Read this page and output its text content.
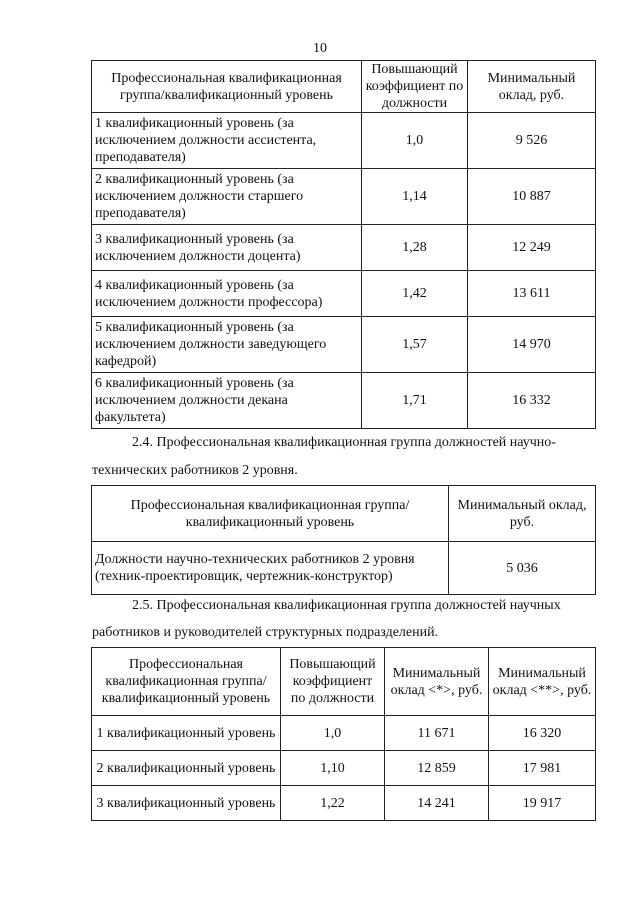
10
Профессиональная квалификационная группа/квалификационный уровень	Повышающий коэффициент по должности	Минимальный оклад, руб.
1 квалификационный уровень (за исключением должности ассистента, преподавателя)	1,0	9 526
2 квалификационный уровень (за исключением должности старшего преподавателя)	1,14	10 887
3 квалификационный уровень (за исключением должности доцента)	1,28	12 249
4 квалификационный уровень (за исключением должности профессора)	1,42	13 611
5 квалификационный уровень (за исключением должности заведующего кафедрой)	1,57	14 970
6 квалификационный уровень (за исключением должности декана факультета)	1,71	16 332
2.4. Профессиональная квалификационная группа должностей научно-
технических работников 2 уровня.
Профессиональная квалификационная группа/квалификационный уровень	Минимальный оклад, руб.
Должности научно-технических работников 2 уровня (техник-проектировщик, чертежник-конструктор)	5 036
2.5. Профессиональная квалификационная группа должностей научных
работников и руководителей структурных подразделений.
Профессиональная квалификационная группа/квалификационный уровень	Повышающий коэффициент по должности	Минимальный оклад <*>, руб.	Минимальный оклад <**>, руб.
1 квалификационный уровень	1,0	11 671	16 320
2 квалификационный уровень	1,10	12 859	17 981
3 квалификационный уровень	1,22	14 241	19 917
